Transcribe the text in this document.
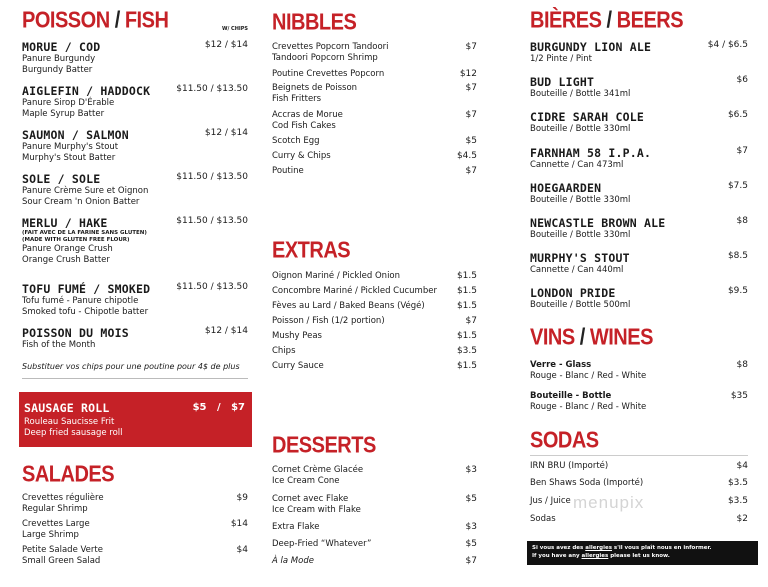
POISSON / FISH	W/ CHIPS
MORUE / COD	$12 / $14
Panure Burgundy
Burgundy Batter
AIGLEFIN / HADDOCK	$11.50 / $13.50
Panure Sirop D'Érable
Maple Syrup Batter
SAUMON / SALMON	$12 / $14
Panure Murphy's Stout
Murphy's Stout Batter
SOLE / SOLE	$11.50 / $13.50
Panure Crème Sure et Oignon
Sour Cream 'n Onion Batter
MERLU / HAKE	$11.50 / $13.50
(FAIT AVEC DE LA FARINE SANS GLUTEN)
(MADE WITH GLUTEN FREE FLOUR)
Panure Orange Crush
Orange Crush Batter
TOFU FUMÉ / SMOKED	$11.50 / $13.50
Tofu fumé - Panure chipotle
Smoked tofu - Chipotle batter
POISSON DU MOIS	$12 / $14
Fish of the Month
Substituer vos chips pour une poutine pour 4$ de plus
SAUSAGE ROLL	$5 / $7
Rouleau Saucisse Frit
Deep fried sausage roll
SALADES
Crevettes régulière
Regular Shrimp
$9
Crevettes Large
Large Shrimp
$14
Petite Salade Verte
Small Green Salad
$4
NIBBLES
Crevettes Popcorn Tandoori
Tandoori Popcorn Shrimp
$7
Poutine Crevettes Popcorn	$12
Beignets de Poisson
Fish Fritters
$7
Accras de Morue
Cod Fish Cakes
$7
Scotch Egg	$5
Curry & Chips	$4.5
Poutine	$7
EXTRAS
Oignon Mariné / Pickled Onion	$1.5
Concombre Mariné / Pickled Cucumber	$1.5
Fèves au Lard / Baked Beans (Végé)	$1.5
Poisson / Fish (1/2 portion)	$7
Mushy Peas	$1.5
Chips	$3.5
Curry Sauce	$1.5
DESSERTS
Cornet Crème Glacée
Ice Cream Cone
$3
Cornet avec Flake
Ice Cream with Flake
$5
Extra Flake	$3
Deep-Fried “Whatever”	$5
À la Mode	$7
BIÈRES / BEERS
BURGUNDY LION ALE
1/2 Pinte / Pint
$4 / $6.5
BUD LIGHT
Bouteille / Bottle 341ml
$6
CIDRE SARAH COLE
Bouteille / Bottle 330ml
$6.5
FARNHAM 58 I.P.A.
Cannette / Can 473ml
$7
HOEGAARDEN
Bouteille / Bottle 330ml
$7.5
NEWCASTLE BROWN ALE
Bouteille / Bottle 330ml
$8
MURPHY'S STOUT
Cannette / Can 440ml
$8.5
LONDON PRIDE
Bouteille / Bottle 500ml
$9.5
VINS / WINES
Verre - Glass
Rouge - Blanc / Red - White
$8
Bouteille - Bottle
Rouge - Blanc / Red - White
$35
SODAS
IRN BRU (Importé)	$4
Ben Shaws Soda (Importé)	$3.5
Jus / Juice	$3.5
Sodas	$2
menupix
Si vous avez des allergies s'il vous plaît nous en informer.
If you have any allergies please let us know.
